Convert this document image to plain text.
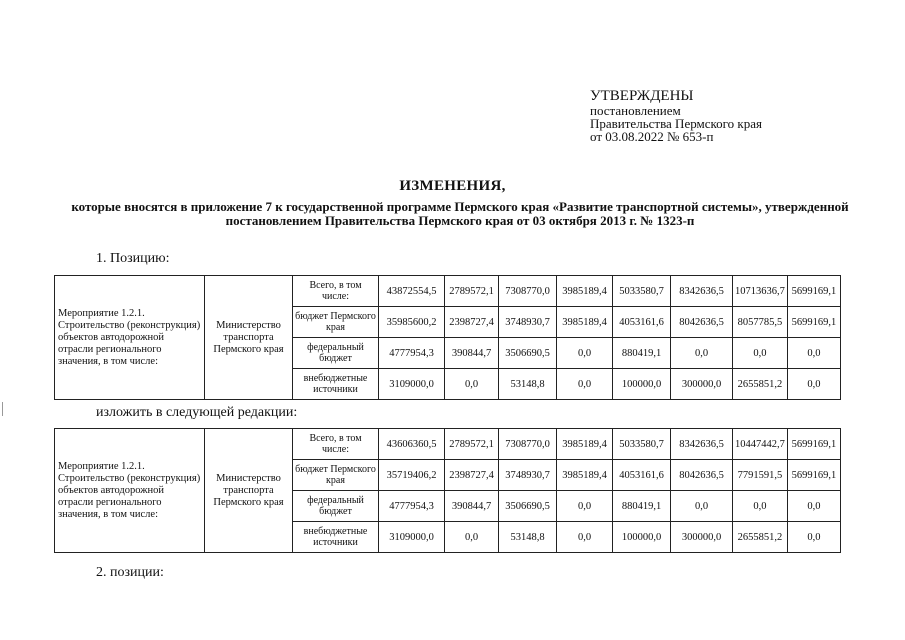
УТВЕРЖДЕНЫ
постановлением
Правительства Пермского края
от 03.08.2022 № 653-п
ИЗМЕНЕНИЯ,
которые вносятся в приложение 7 к государственной программе Пермского края «Развитие транспортной системы», утвержденной постановлением Правительства Пермского края от 03 октября 2013 г. № 1323-п
1. Позицию:
Мероприятие 1.2.1. Строительство (реконструкция) объектов автодорожной отрасли регионального значения, в том числе:	Министерство транспорта Пермского края	Всего, в том числе:	43872554,5	2789572,1	7308770,0	3985189,4	5033580,7	8342636,5	10713636,7	5699169,1
		бюджет Пермского края	35985600,2	2398727,4	3748930,7	3985189,4	4053161,6	8042636,5	8057785,5	5699169,1
		федеральный бюджет	4777954,3	390844,7	3506690,5	0,0	880419,1	0,0	0,0	0,0
		внебюджетные источники	3109000,0	0,0	53148,8	0,0	100000,0	300000,0	2655851,2	0,0
изложить в следующей редакции:
Мероприятие 1.2.1. Строительство (реконструкция) объектов автодорожной отрасли регионального значения, в том числе:	Министерство транспорта Пермского края	Всего, в том числе:	43606360,5	2789572,1	7308770,0	3985189,4	5033580,7	8342636,5	10447442,7	5699169,1
		бюджет Пермского края	35719406,2	2398727,4	3748930,7	3985189,4	4053161,6	8042636,5	7791591,5	5699169,1
		федеральный бюджет	4777954,3	390844,7	3506690,5	0,0	880419,1	0,0	0,0	0,0
		внебюджетные источники	3109000,0	0,0	53148,8	0,0	100000,0	300000,0	2655851,2	0,0
2. позиции:
